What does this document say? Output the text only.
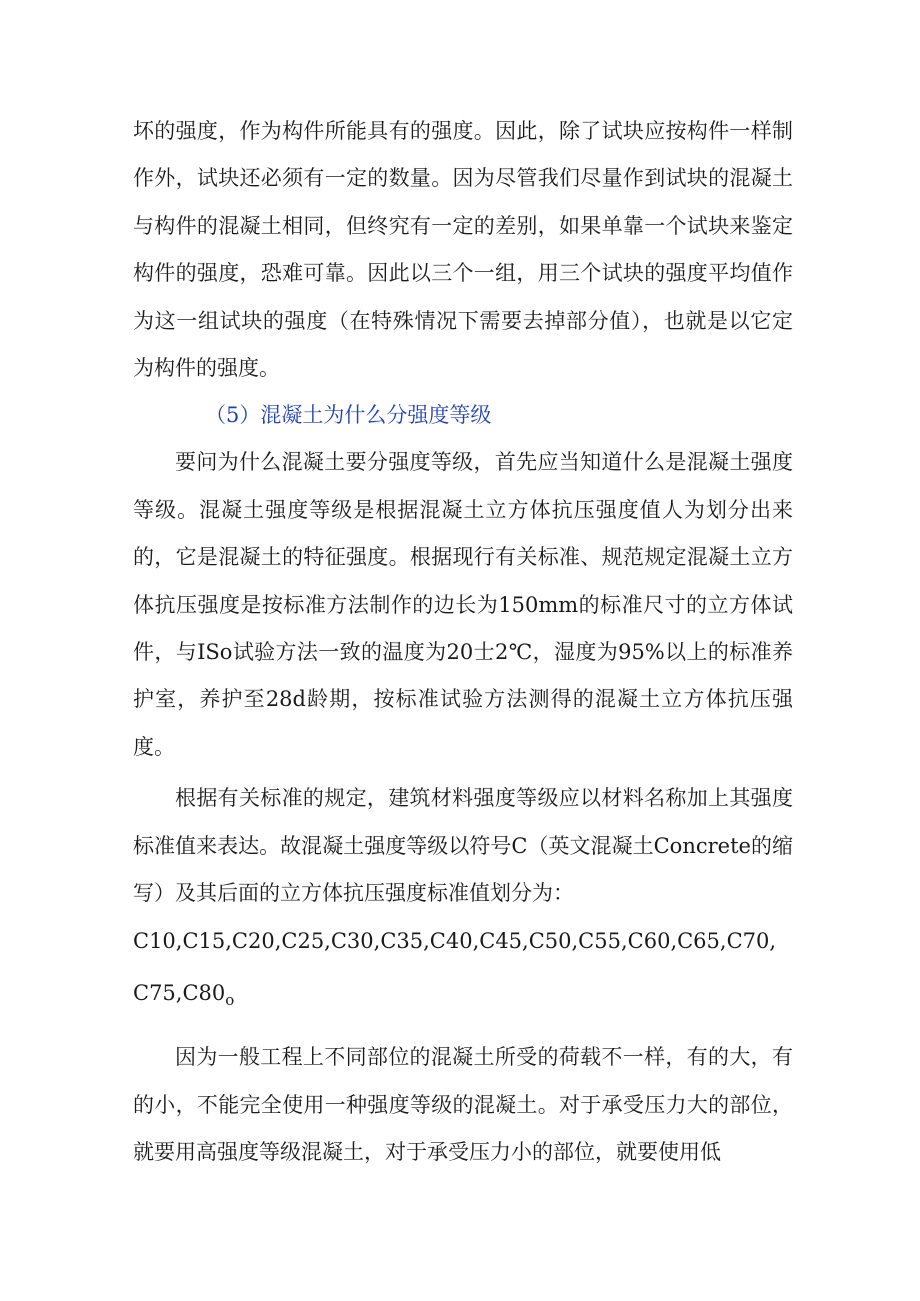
坏的强度，作为构件所能具有的强度。因此，除了试块应按构件一样制作外，试块还必须有一定的数量。因为尽管我们尽量作到试块的混凝土与构件的混凝土相同，但终究有一定的差别，如果单靠一个试块来鉴定构件的强度，恐难可靠。因此以三个一组，用三个试块的强度平均值作为这一组试块的强度（在特殊情况下需要去掉部分值），也就是以它定为构件的强度。

（5）混凝土为什么分强度等级

要问为什么混凝土要分强度等级，首先应当知道什么是混凝土强度等级。混凝土强度等级是根据混凝土立方体抗压强度值人为划分出来的，它是混凝土的特征强度。根据现行有关标准、规范规定混凝土立方体抗压强度是按标准方法制作的边长为150mm的标准尺寸的立方体试件，与ISo试验方法一致的温度为20士2℃，湿度为95%以上的标准养护室，养护至28d龄期，按标准试验方法测得的混凝土立方体抗压强度。

根据有关标准的规定，建筑材料强度等级应以材料名称加上其强度标准值来表达。故混凝土强度等级以符号C（英文混凝土Concrete的缩写）及其后面的立方体抗压强度标准值划分为：

C10,C15,C20,C25,C30,C35,C40,C45,C50,C55,C60,C65,C70,

$C75,C80_o$

因为一般工程上不同部位的混凝土所受的荷载不一样，有的大，有的小，不能完全使用一种强度等级的混凝土。对于承受压力大的部位，就要用高强度等级混凝土，对于承受压力小的部位，就要使用低
